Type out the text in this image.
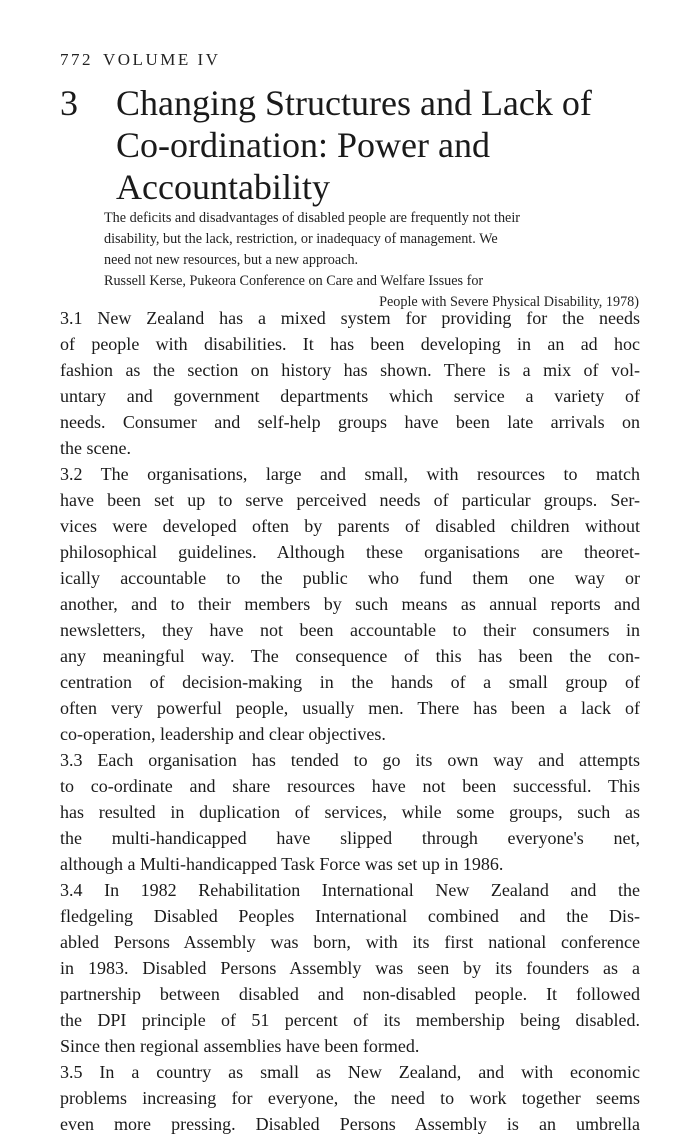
772 VOLUME IV
3 Changing Structures and Lack of
Co-ordination: Power and
Accountability
The deficits and disadvantages of disabled people are frequently not their
disability, but the lack, restriction, or inadequacy of management. We
need not new resources, but a new approach.
Russell Kerse, Pukeora Conference on Care and Welfare Issues for
People with Severe Physical Disability, 1978)
3.1 New Zealand has a mixed system for providing for the needs
of people with disabilities. It has been developing in an ad hoc
fashion as the section on history has shown. There is a mix of vol-
untary and government departments which service a variety of
needs. Consumer and self-help groups have been late arrivals on
the scene.
3.2 The organisations, large and small, with resources to match
have been set up to serve perceived needs of particular groups. Ser-
vices were developed often by parents of disabled children without
philosophical guidelines. Although these organisations are theoret-
ically accountable to the public who fund them one way or
another, and to their members by such means as annual reports and
newsletters, they have not been accountable to their consumers in
any meaningful way. The consequence of this has been the con-
centration of decision-making in the hands of a small group of
often very powerful people, usually men. There has been a lack of
co-operation, leadership and clear objectives.
3.3 Each organisation has tended to go its own way and attempts
to co-ordinate and share resources have not been successful. This
has resulted in duplication of services, while some groups, such as
the multi-handicapped have slipped through everyone's net,
although a Multi-handicapped Task Force was set up in 1986.
3.4 In 1982 Rehabilitation International New Zealand and the
fledgeling Disabled Peoples International combined and the Dis-
abled Persons Assembly was born, with its first national conference
in 1983. Disabled Persons Assembly was seen by its founders as a
partnership between disabled and non-disabled people. It followed
the DPI principle of 51 percent of its membership being disabled.
Since then regional assemblies have been formed.
3.5 In a country as small as New Zealand, and with economic
problems increasing for everyone, the need to work together seems
even more pressing. Disabled Persons Assembly is an umbrella
